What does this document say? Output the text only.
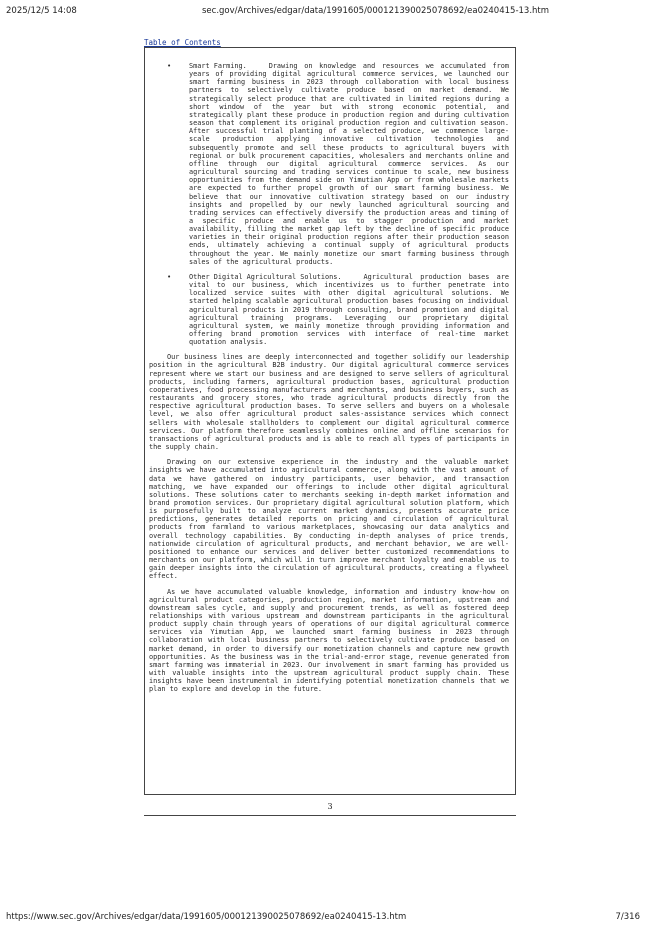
2025/12/5 14:08	sec.gov/Archives/edgar/data/1991605/000121390025078692/ea0240415-13.htm
Table of Contents
•	Smart Farming.	Drawing on knowledge and resources we accumulated from years of providing digital agricultural commerce services, we launched our smart farming business in 2023 through collaboration with local business partners to selectively cultivate produce based on market demand. We strategically select produce that are cultivated in limited regions during a short window of the year but with strong economic potential, and strategically plant these produce in production region and during cultivation season that complement its original production region and cultivation season. After successful trial planting of a selected produce, we commence large-scale production applying innovative cultivation technologies and subsequently promote and sell these products to agricultural buyers with regional or bulk procurement capacities, wholesalers and merchants online and offline through our digital agricultural commerce services. As our agricultural sourcing and trading services continue to scale, new business opportunities from the demand side on Yimutian App or from wholesale markets are expected to further propel growth of our smart farming business. We believe that our innovative cultivation strategy based on our industry insights and propelled by our newly launched agricultural sourcing and trading services can effectively diversify the production areas and timing of a specific produce and enable us to stagger production and market availability, filling the market gap left by the decline of specific produce varieties in their original production regions after their production season ends, ultimately achieving a continual supply of agricultural products throughout the year. We mainly monetize our smart farming business through sales of the agricultural products.
•	Other Digital Agricultural Solutions.	Agricultural production bases are vital to our business, which incentivizes us to further penetrate into localized service suites with other digital agricultural solutions. We started helping scalable agricultural production bases focusing on individual agricultural products in 2019 through consulting, brand promotion and digital agricultural training programs. Leveraging our proprietary digital agricultural system, we mainly monetize through providing information and offering brand promotion services with interface of real-time market quotation analysis.

Our business lines are deeply interconnected and together solidify our leadership position in the agricultural B2B industry. Our digital agricultural commerce services represent where we start our business and are designed to serve sellers of agricultural products, including farmers, agricultural production bases, agricultural production cooperatives, food processing manufacturers and merchants, and business buyers, such as restaurants and grocery stores, who trade agricultural products directly from the respective agricultural production bases. To serve sellers and buyers on a wholesale level, we also offer agricultural product sales-assistance services which connect sellers with wholesale stallholders to complement our digital agricultural commerce services. Our platform therefore seamlessly combines online and offline scenarios for transactions of agricultural products and is able to reach all types of participants in the supply chain.

Drawing on our extensive experience in the industry and the valuable market insights we have accumulated into agricultural commerce, along with the vast amount of data we have gathered on industry participants, user behavior, and transaction matching, we have expanded our offerings to include other digital agricultural solutions. These solutions cater to merchants seeking in-depth market information and brand promotion services. Our proprietary digital agricultural solution platform, which is purposefully built to analyze current market dynamics, presents accurate price predictions, generates detailed reports on pricing and circulation of agricultural products from farmland to various marketplaces, showcasing our data analytics and overall technology capabilities. By conducting in-depth analyses of price trends, nationwide circulation of agricultural products, and merchant behavior, we are well-positioned to enhance our services and deliver better customized recommendations to merchants on our platform, which will in turn improve merchant loyalty and enable us to gain deeper insights into the circulation of agricultural products, creating a flywheel effect.

As we have accumulated valuable knowledge, information and industry know-how on agricultural product categories, production region, market information, upstream and downstream sales cycle, and supply and procurement trends, as well as fostered deep relationships with various upstream and downstream participants in the agricultural product supply chain through years of operations of our digital agricultural commerce services via Yimutian App, we launched smart farming business in 2023 through collaboration with local business partners to selectively cultivate produce based on market demand, in order to diversify our monetization channels and capture new growth opportunities. As the business was in the trial-and-error stage, revenue generated from smart farming was immaterial in 2023. Our involvement in smart farming has provided us with valuable insights into the upstream agricultural product supply chain. These insights have been instrumental in identifying potential monetization channels that we plan to explore and develop in the future.

3
https://www.sec.gov/Archives/edgar/data/1991605/000121390025078692/ea0240415-13.htm	7/316
